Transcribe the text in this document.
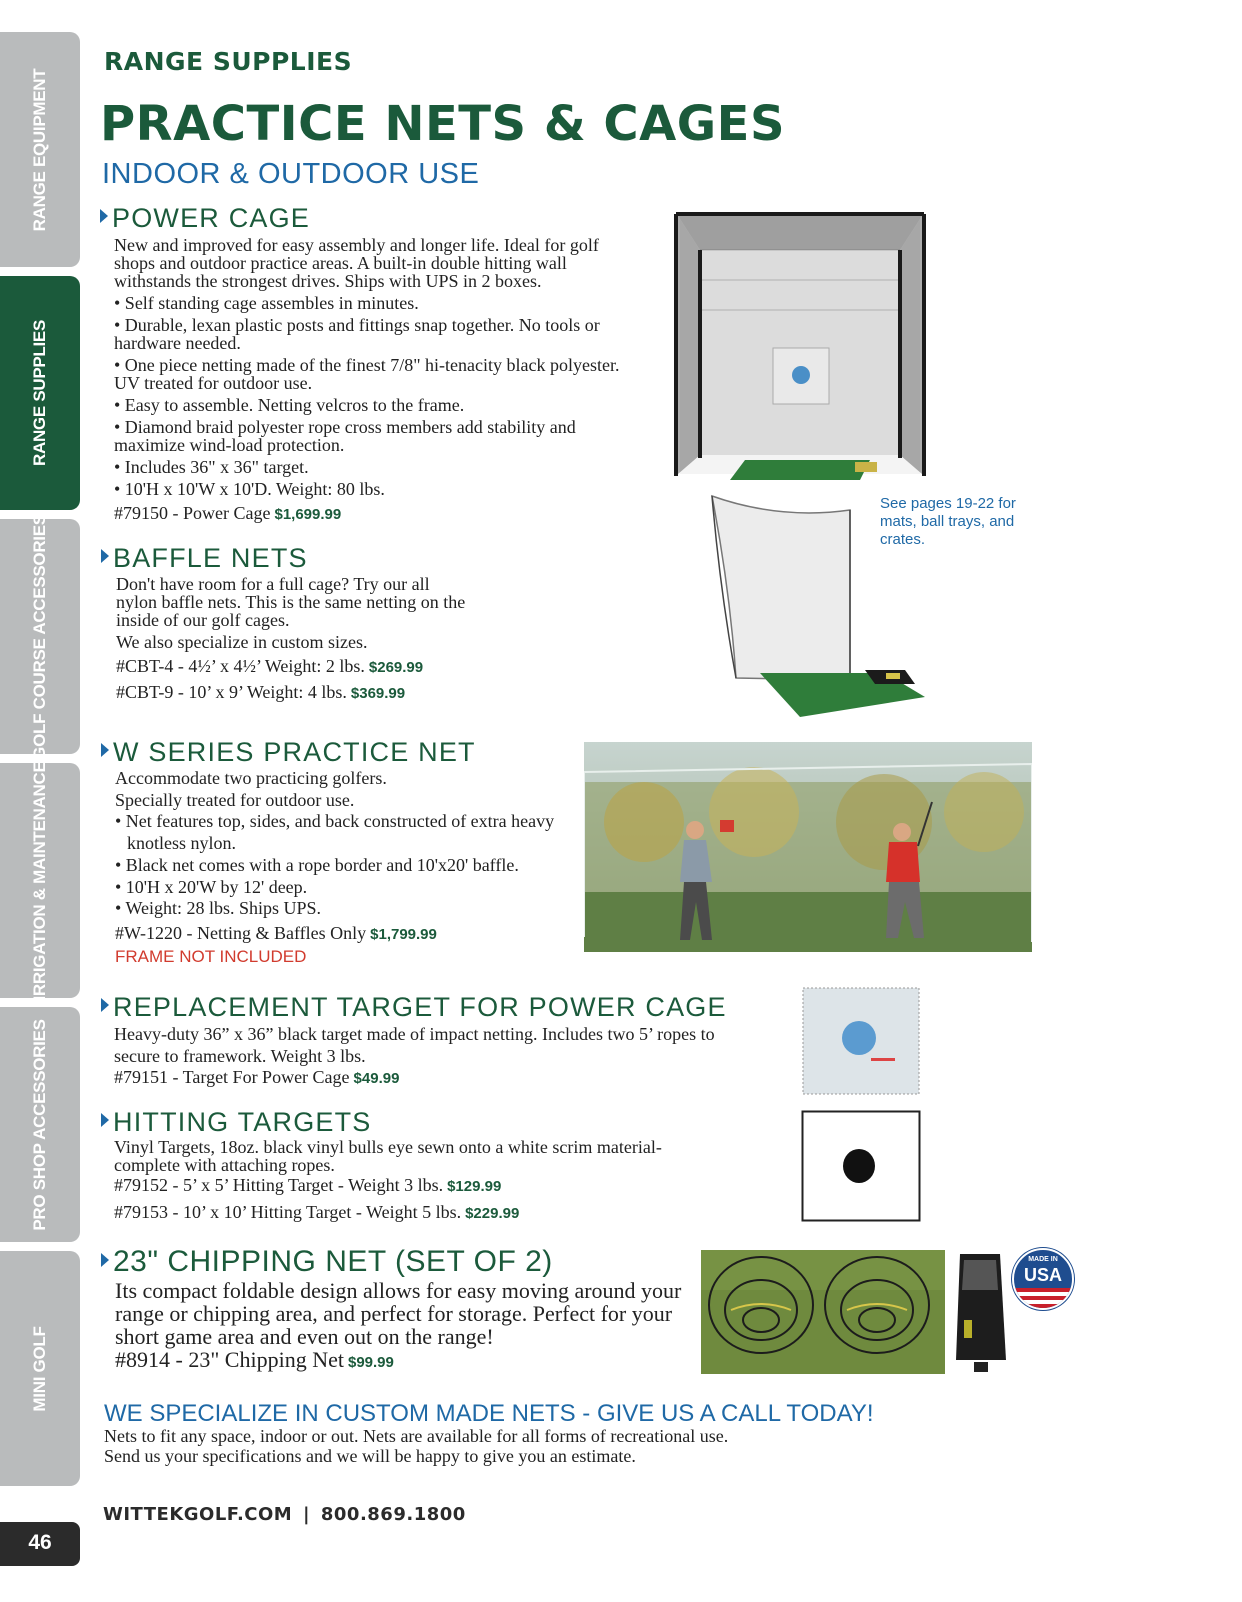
RANGE EQUIPMENT
RANGE SUPPLIES
GOLF COURSE ACCESSORIES
IRRIGATION & MAINTENANCE
PRO SHOP ACCESSORIES
MINI GOLF
46
RANGE SUPPLIES
PRACTICE NETS & CAGES
INDOOR & OUTDOOR USE
POWER CAGE

New and improved for easy assembly and longer life. Ideal for golf shops and outdoor practice areas. A built-in double hitting wall withstands the strongest drives. Ships with UPS in 2 boxes.

• Self standing cage assembles in minutes.

• Durable, lexan plastic posts and fittings snap together. No tools or hardware needed.

• One piece netting made of the finest 7/8" hi-tenacity black polyester. UV treated for outdoor use.

• Easy to assemble. Netting velcros to the frame.

• Diamond braid polyester rope cross members add stability and maximize wind-load protection.

• Includes 36" x 36" target.

• 10'H x 10'W x 10'D. Weight: 80 lbs.

#79150 - Power Cage $1,699.99

See pages 19-22 for mats, ball trays, and crates.
BAFFLE NETS

Don't have room for a full cage? Try our all nylon baffle nets. This is the same netting on the inside of our golf cages.

We also specialize in custom sizes.

#CBT-4 - 4½’ x 4½’ Weight: 2 lbs. $269.99

#CBT-9 - 10’ x 9’ Weight: 4 lbs. $369.99

W SERIES PRACTICE NET

Accommodate two practicing golfers.

Specially treated for outdoor use.

• Net features top, sides, and back constructed of extra heavy knotless nylon.

• Black net comes with a rope border and 10'x20' baffle.

• 10'H x 20'W by 12' deep.

• Weight: 28 lbs. Ships UPS.

#W-1220 - Netting & Baffles Only $1,799.99

FRAME NOT INCLUDED

REPLACEMENT TARGET FOR POWER CAGE

Heavy-duty 36” x 36” black target made of impact netting. Includes two 5’ ropes to secure to framework. Weight 3 lbs.

#79151 - Target For Power Cage $49.99

HITTING TARGETS

Vinyl Targets, 18oz. black vinyl bulls eye sewn onto a white scrim material-complete with attaching ropes.

#79152 - 5’ x 5’ Hitting Target - Weight 3 lbs. $129.99

#79153 - 10’ x 10’ Hitting Target - Weight 5 lbs. $229.99

23" CHIPPING NET (SET OF 2)

Its compact foldable design allows for easy moving around your range or chipping area, and perfect for storage. Perfect for your short game area and even out on the range!

#8914 - 23" Chipping Net $99.99

MADE IN
USA
WE SPECIALIZE IN CUSTOM MADE NETS - GIVE US A CALL TODAY!
Nets to fit any space, indoor or out. Nets are available for all forms of recreational use.
Send us your specifications and we will be happy to give you an estimate.
WITTEKGOLF.COM | 800.869.1800
